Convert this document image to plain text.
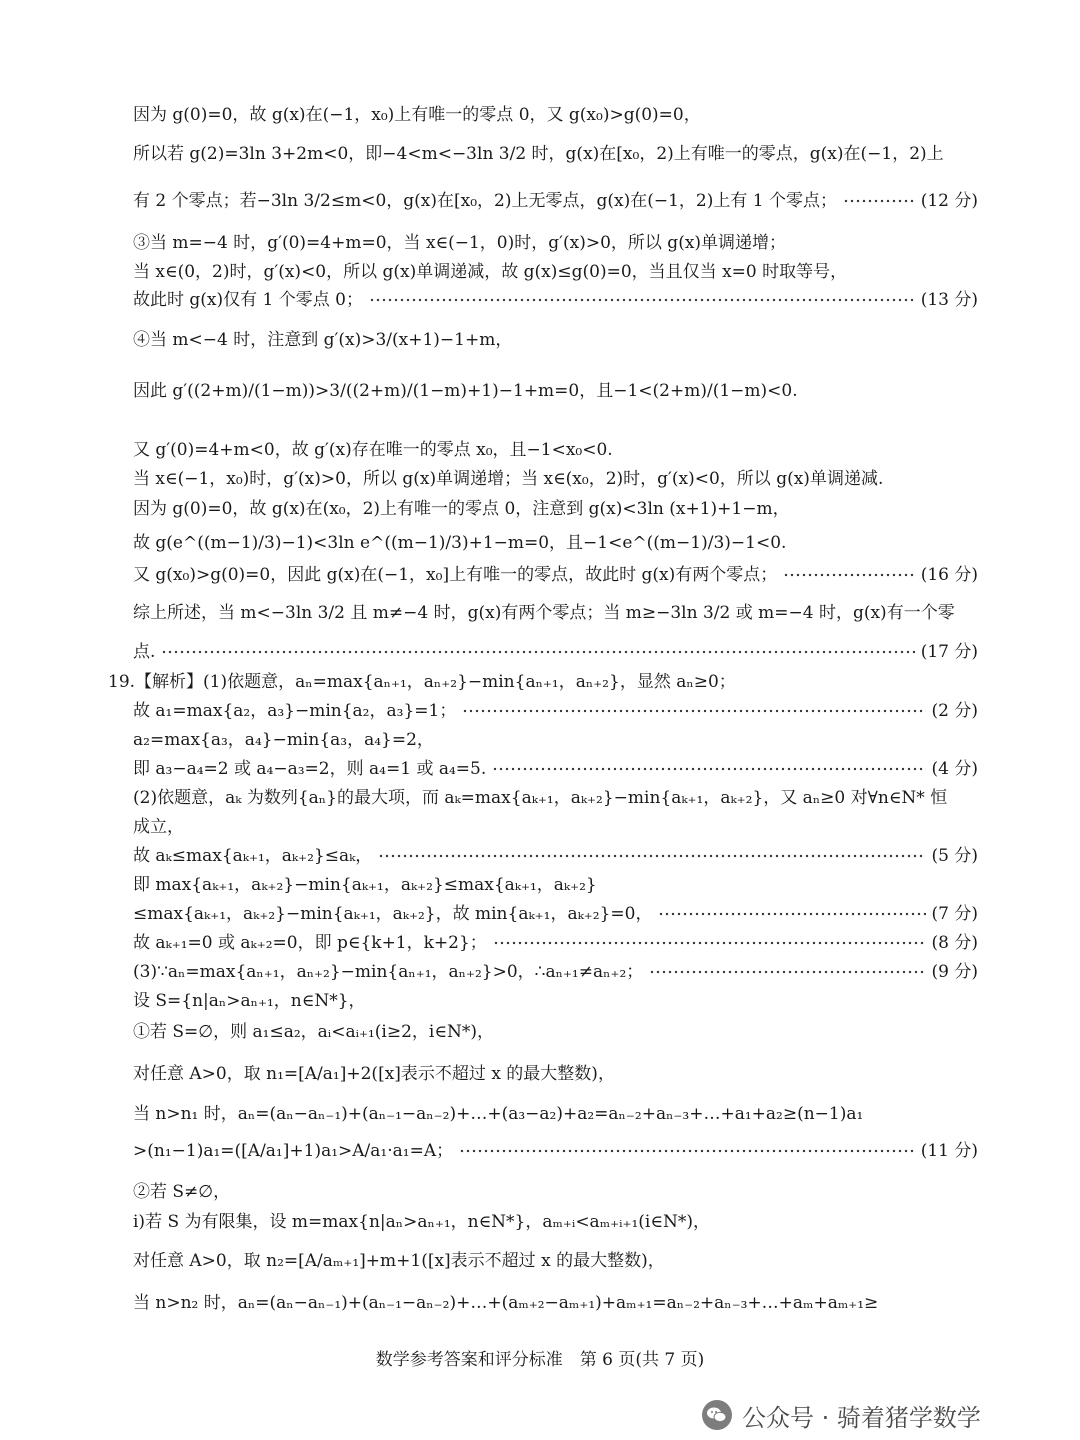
因为 g(0)=0，故 g(x)在(−1，x₀)上有唯一的零点 0，又 g(x₀)>g(0)=0，
所以若 g(2)=3ln 3+2m<0，即−4<m<−3ln 3/2 时，g(x)在[x₀，2)上有唯一的零点，g(x)在(−1，2)上
有 2 个零点；若−3ln 3/2≤m<0，g(x)在[x₀，2)上无零点，g(x)在(−1，2)上有 1 个零点；	(12 分)
③当 m=−4 时，g′(0)=4+m=0，当 x∈(−1，0)时，g′(x)>0，所以 g(x)单调递增；
当 x∈(0，2)时，g′(x)<0，所以 g(x)单调递减，故 g(x)≤g(0)=0，当且仅当 x=0 时取等号，
故此时 g(x)仅有 1 个零点 0；	(13 分)
④当 m<−4 时，注意到 g′(x)>3/(x+1)−1+m，
因此 g′((2+m)/(1−m))>3/((2+m)/(1−m)+1)−1+m=0，且−1<(2+m)/(1−m)<0.
又 g′(0)=4+m<0，故 g′(x)存在唯一的零点 x₀，且−1<x₀<0.
当 x∈(−1，x₀)时，g′(x)>0，所以 g(x)单调递增；当 x∈(x₀，2)时，g′(x)<0，所以 g(x)单调递减.
因为 g(0)=0，故 g(x)在(x₀，2)上有唯一的零点 0，注意到 g(x)<3ln (x+1)+1−m，
故 g(e^((m−1)/3)−1)<3ln e^((m−1)/3)+1−m=0，且−1<e^((m−1)/3)−1<0.
又 g(x₀)>g(0)=0，因此 g(x)在(−1，x₀]上有唯一的零点，故此时 g(x)有两个零点；	(16 分)
综上所述，当 m<−3ln 3/2 且 m≠−4 时，g(x)有两个零点；当 m≥−3ln 3/2 或 m=−4 时，g(x)有一个零
点.	(17 分)
19.【解析】(1)依题意，aₙ=max{aₙ₊₁，aₙ₊₂}−min{aₙ₊₁，aₙ₊₂}，显然 aₙ≥0；
故 a₁=max{a₂，a₃}−min{a₂，a₃}=1；	(2 分)
a₂=max{a₃，a₄}−min{a₃，a₄}=2，
即 a₃−a₄=2 或 a₄−a₃=2，则 a₄=1 或 a₄=5.	(4 分)
(2)依题意，aₖ 为数列{aₙ}的最大项，而 aₖ=max{aₖ₊₁，aₖ₊₂}−min{aₖ₊₁，aₖ₊₂}，又 aₙ≥0 对∀n∈N* 恒
成立，
故 aₖ≤max{aₖ₊₁，aₖ₊₂}≤aₖ，	(5 分)
即 max{aₖ₊₁，aₖ₊₂}−min{aₖ₊₁，aₖ₊₂}≤max{aₖ₊₁，aₖ₊₂}
≤max{aₖ₊₁，aₖ₊₂}−min{aₖ₊₁，aₖ₊₂}，故 min{aₖ₊₁，aₖ₊₂}=0，	(7 分)
故 aₖ₊₁=0 或 aₖ₊₂=0，即 p∈{k+1，k+2}；	(8 分)
(3)∵aₙ=max{aₙ₊₁，aₙ₊₂}−min{aₙ₊₁，aₙ₊₂}>0，∴aₙ₊₁≠aₙ₊₂；	(9 分)
设 S={n|aₙ>aₙ₊₁，n∈N*}，
①若 S=∅，则 a₁≤a₂，aᵢ<aᵢ₊₁(i≥2，i∈N*)，
对任意 A>0，取 n₁=[A/a₁]+2([x]表示不超过 x 的最大整数)，
当 n>n₁ 时，aₙ=(aₙ−aₙ₋₁)+(aₙ₋₁−aₙ₋₂)+…+(a₃−a₂)+a₂=aₙ₋₂+aₙ₋₃+…+a₁+a₂≥(n−1)a₁
>(n₁−1)a₁=([A/a₁]+1)a₁>A/a₁·a₁=A；	(11 分)
②若 S≠∅，
ⅰ)若 S 为有限集，设 m=max{n|aₙ>aₙ₊₁，n∈N*}，aₘ₊ᵢ<aₘ₊ᵢ₊₁(i∈N*)，
对任意 A>0，取 n₂=[A/aₘ₊₁]+m+1([x]表示不超过 x 的最大整数)，
当 n>n₂ 时，aₙ=(aₙ−aₙ₋₁)+(aₙ₋₁−aₙ₋₂)+…+(aₘ₊₂−aₘ₊₁)+aₘ₊₁=aₙ₋₂+aₙ₋₃+…+aₘ+aₘ₊₁≥
数学参考答案和评分标准　第 6 页(共 7 页)
公众号 · 骑着猪学数学
